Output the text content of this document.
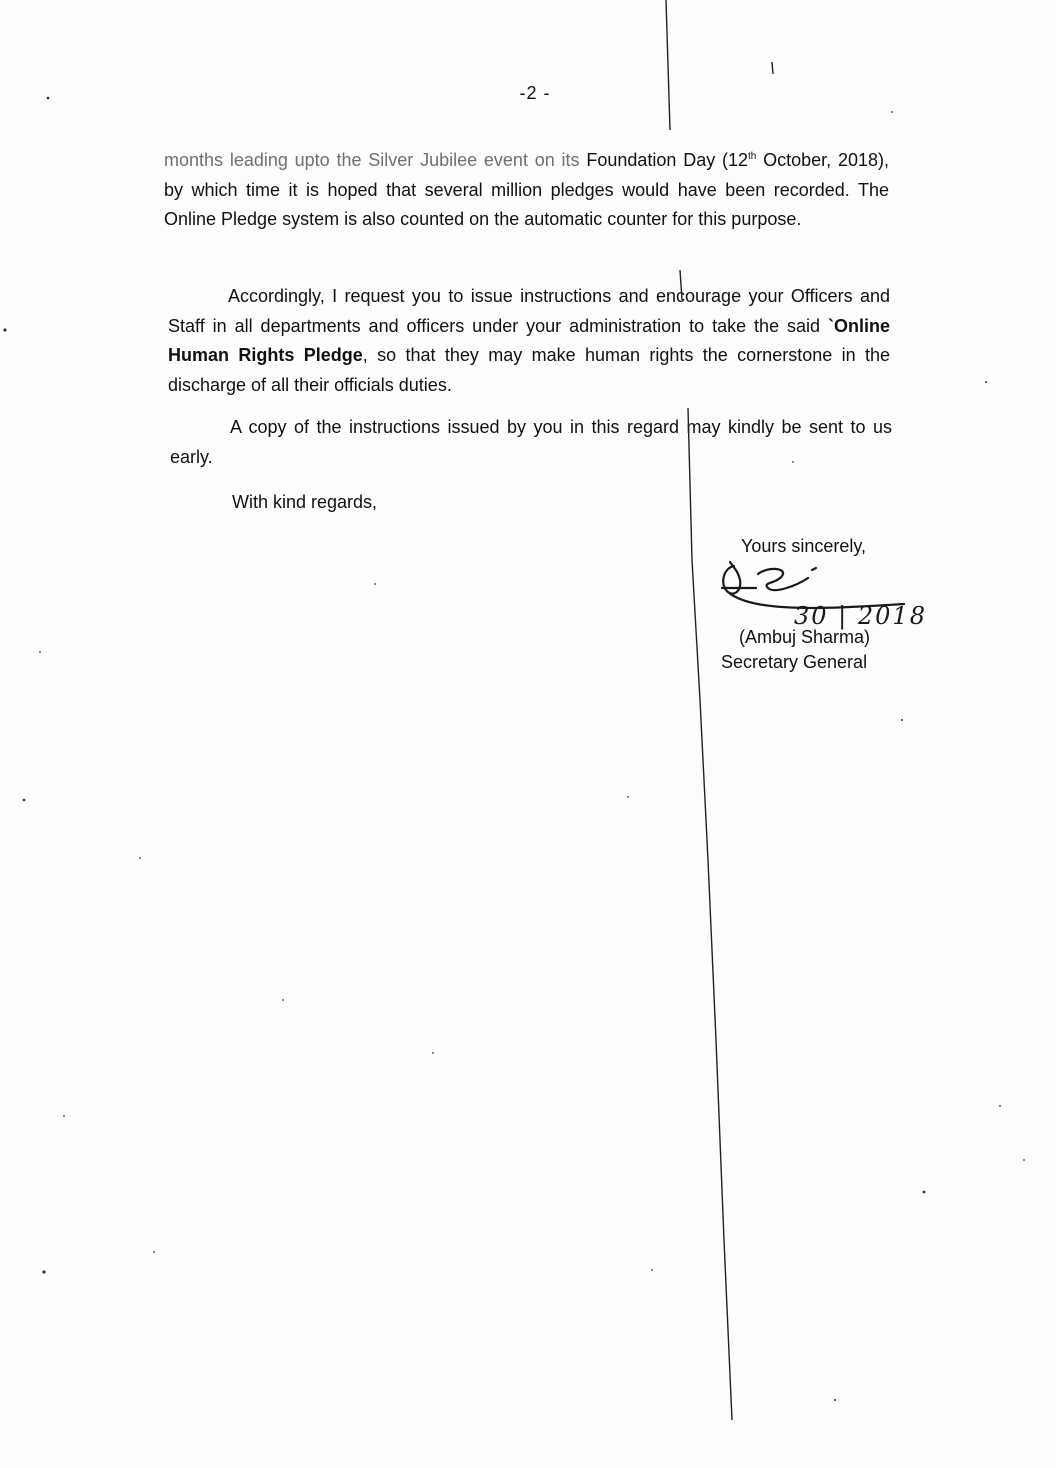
-2 -

months leading upto the Silver Jubilee event on its Foundation Day (12th October, 2018), by which time it is hoped that several million pledges would have been recorded. The Online Pledge system is also counted on the automatic counter for this purpose.

Accordingly, I request you to issue instructions and encourage your Officers and Staff in all departments and officers under your administration to take the said `Online Human Rights Pledge, so that they may make human rights the cornerstone in the discharge of all their officials duties.

A copy of the instructions issued by you in this regard may kindly be sent to us early.

With kind regards,
Yours sincerely,
30 | 2018
(Ambuj Sharma)
Secretary General
